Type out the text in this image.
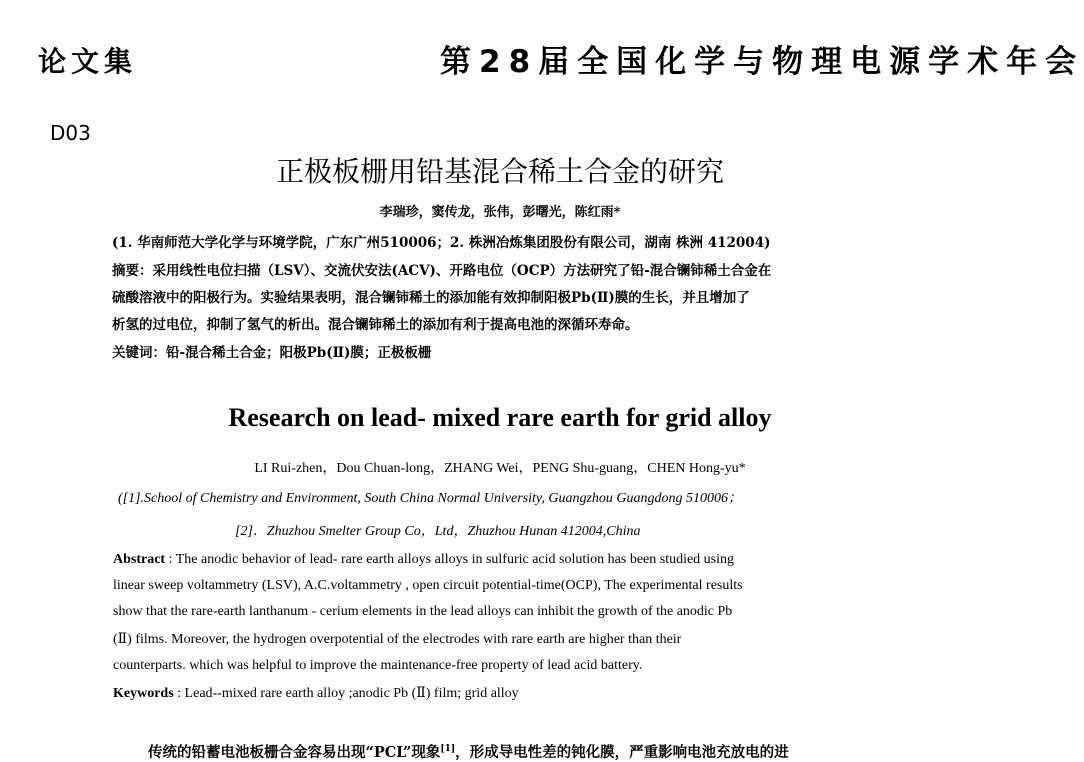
论文集	第28届全国化学与物理电源学术年会
D03
正极板栅用铅基混合稀土合金的研究
李瑞珍，窦传龙，张伟，彭曙光，陈红雨*
(1. 华南师范大学化学与环境学院，广东广州510006；2. 株洲冶炼集团股份有限公司，湖南 株洲 412004)
摘要：采用线性电位扫描（LSV）、交流伏安法(ACV)、开路电位（OCP）方法研究了铅-混合镧铈稀土合金在
硫酸溶液中的阳极行为。实验结果表明，混合镧铈稀土的添加能有效抑制阳极Pb(Ⅱ)膜的生长，并且增加了
析氢的过电位，抑制了氢气的析出。混合镧铈稀土的添加有利于提高电池的深循环寿命。
关键词：铅-混合稀土合金；阳极Pb(Ⅱ)膜；正极板栅
Research on lead- mixed rare earth for grid alloy
LI Rui-zhen，Dou Chuan-long，ZHANG Wei，PENG Shu-guang，CHEN Hong-yu*
([1].School of Chemistry and Environment, South China Normal University, Guangzhou Guangdong 510006；
[2]．Zhuzhou Smelter Group Co，Ltd，Zhuzhou Hunan 412004,China
Abstract : The anodic behavior of lead- rare earth alloys alloys in sulfuric acid solution has been studied using
linear sweep voltammetry (LSV), A.C.voltammetry , open circuit potential-time(OCP), The experimental results
show that the rare-earth lanthanum - cerium elements in the lead alloys can inhibit the growth of the anodic Pb
(Ⅱ) films. Moreover, the hydrogen overpotential of the electrodes with rare earth are higher than their
counterparts. which was helpful to improve the maintenance-free property of lead acid battery.
Keywords : Lead--mixed rare earth alloy ;anodic Pb (Ⅱ) film; grid alloy
传统的铅蓄电池板栅合金容易出现“PCL”现象[1]，形成导电性差的钝化膜，严重影响电池充放电的进
